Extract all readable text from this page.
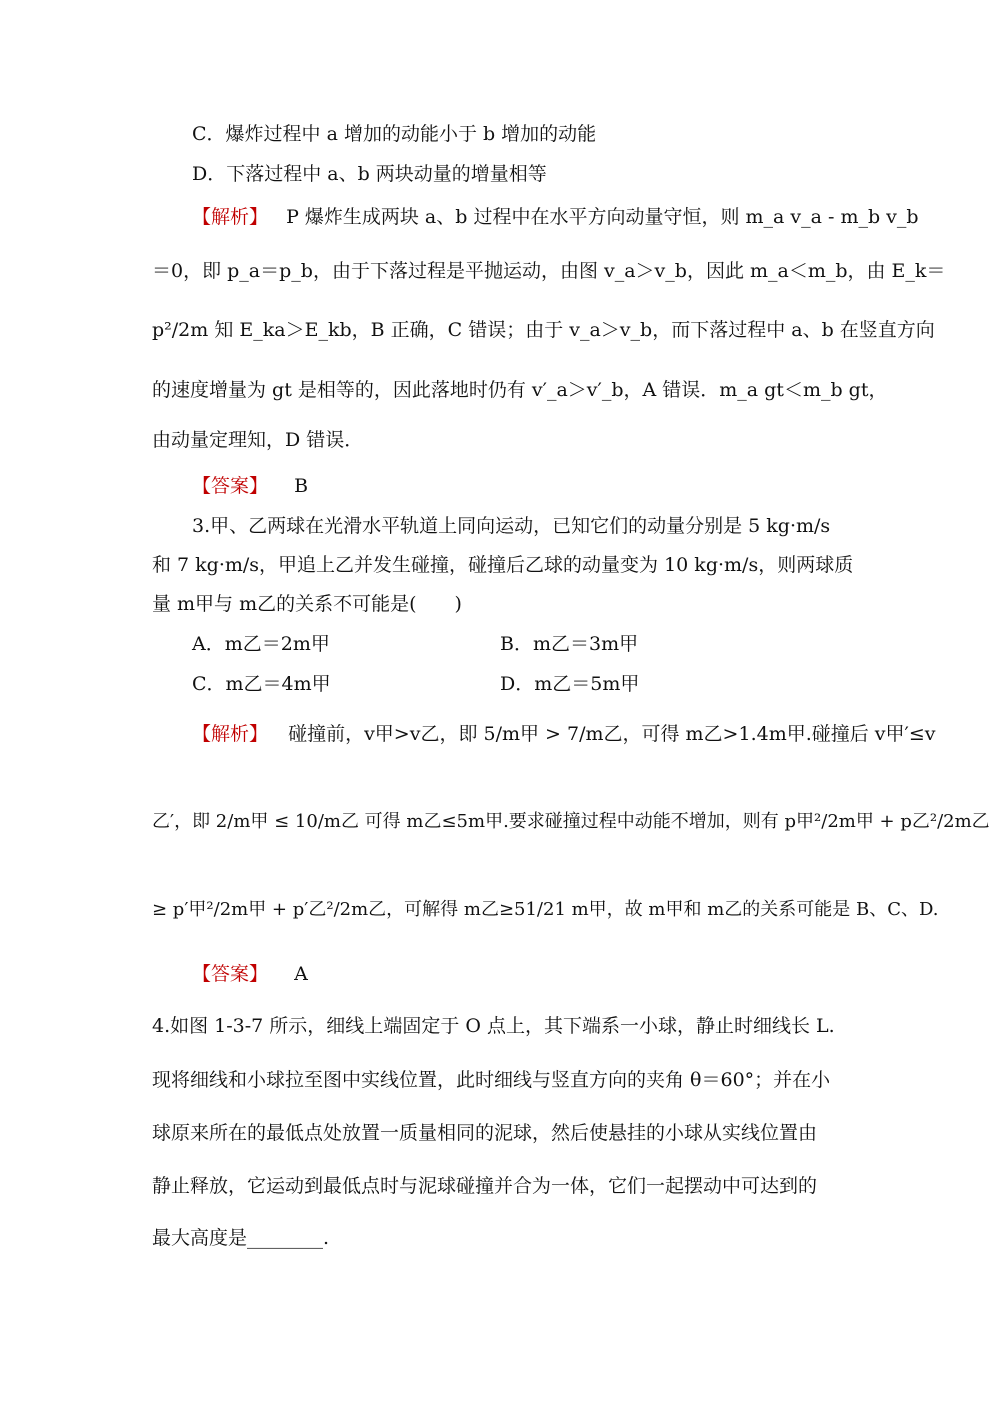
C．爆炸过程中 a 增加的动能小于 b 增加的动能
D．下落过程中 a、b 两块动量的增量相等
【解析】 P 爆炸生成两块 a、b 过程中在水平方向动量守恒，则 m_a v_a - m_b v_b
＝0，即 p_a＝p_b，由于下落过程是平抛运动，由图 v_a＞v_b，因此 m_a＜m_b，由 E_k＝
p²/2m 知 E_ka＞E_kb，B 正确，C 错误；由于 v_a＞v_b，而下落过程中 a、b 在竖直方向
的速度增量为 gt 是相等的，因此落地时仍有 v′_a＞v′_b，A 错误．m_a gt＜m_b gt，
由动量定理知，D 错误．
【答案】 B
3.甲、乙两球在光滑水平轨道上同向运动，已知它们的动量分别是 5 kg·m/s
和 7 kg·m/s，甲追上乙并发生碰撞，碰撞后乙球的动量变为 10 kg·m/s，则两球质
量 m甲与 m乙的关系不可能是(　　)
A．m乙＝2m甲	B．m乙＝3m甲
C．m乙＝4m甲	D．m乙＝5m甲
【解析】 碰撞前，v甲>v乙，即 5/m甲 > 7/m乙，可得 m乙>1.4m甲.碰撞后 v甲′≤v
乙′，即 2/m甲 ≤ 10/m乙 可得 m乙≤5m甲.要求碰撞过程中动能不增加，则有 p甲²/2m甲 + p乙²/2m乙
≥ p′甲²/2m甲 + p′乙²/2m乙，可解得 m乙≥51/21 m甲，故 m甲和 m乙的关系可能是 B、C、D.
【答案】 A
4.如图 1-3-7 所示，细线上端固定于 O 点上，其下端系一小球，静止时细线长 L.
现将细线和小球拉至图中实线位置，此时细线与竖直方向的夹角 θ＝60°；并在小
球原来所在的最低点处放置一质量相同的泥球，然后使悬挂的小球从实线位置由
静止释放，它运动到最低点时与泥球碰撞并合为一体，它们一起摆动中可达到的
最大高度是________.
